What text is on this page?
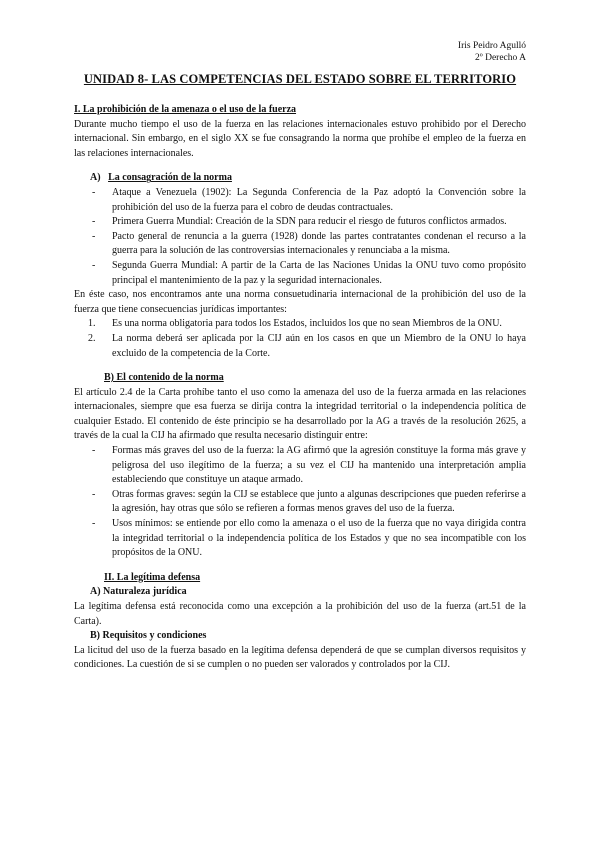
Iris Peidro Agulló
2º Derecho A
UNIDAD 8- LAS COMPETENCIAS DEL ESTADO SOBRE EL TERRITORIO

I. La prohibición de la amenaza o el uso de la fuerza

Durante mucho tiempo el uso de la fuerza en las relaciones internacionales estuvo prohibido por el Derecho internacional. Sin embargo, en el siglo XX se fue consagrando la norma que prohíbe el empleo de la fuerza en las relaciones internacionales.

A) La consagración de la norma

- Ataque a Venezuela (1902): La Segunda Conferencia de la Paz adoptó la Convención sobre la prohibición del uso de la fuerza para el cobro de deudas contractuales.
- Primera Guerra Mundial: Creación de la SDN para reducir el riesgo de futuros conflictos armados.
- Pacto general de renuncia a la guerra (1928) donde las partes contratantes condenan el recurso a la guerra para la solución de las controversias internacionales y renunciaba a la misma.
- Segunda Guerra Mundial: A partir de la Carta de las Naciones Unidas la ONU tuvo como propósito principal el mantenimiento de la paz y la seguridad internacionales.

En éste caso, nos encontramos ante una norma consuetudinaria internacional de la prohibición del uso de la fuerza que tiene consecuencias jurídicas importantes:

1. Es una norma obligatoria para todos los Estados, incluidos los que no sean Miembros de la ONU.
2. La norma deberá ser aplicada por la CIJ aún en los casos en que un Miembro de la ONU lo haya excluido de la competencia de la Corte.

B) El contenido de la norma

El artículo 2.4 de la Carta prohíbe tanto el uso como la amenaza del uso de la fuerza armada en las relaciones internacionales, siempre que esa fuerza se dirija contra la integridad territorial o la independencia política de cualquier Estado. El contenido de éste principio se ha desarrollado por la AG a través de la resolución 2625, a través de la cual la CIJ ha afirmado que resulta necesario distinguir entre:

- Formas más graves del uso de la fuerza: la AG afirmó que la agresión constituye la forma más grave y peligrosa del uso ilegítimo de la fuerza; a su vez el CIJ ha mantenido una interpretación amplia estableciendo que constituye un ataque armado.
- Otras formas graves: según la CIJ se establece que junto a algunas descripciones que pueden referirse a la agresión, hay otras que sólo se refieren a formas menos graves del uso de la fuerza.
- Usos mínimos: se entiende por ello como la amenaza o el uso de la fuerza que no vaya dirigida contra la integridad territorial o la independencia política de los Estados y que no sea incompatible con los propósitos de la ONU.

II. La legítima defensa

A) Naturaleza jurídica

La legítima defensa está reconocida como una excepción a la prohibición del uso de la fuerza (art.51 de la Carta).

B) Requisitos y condiciones

La licitud del uso de la fuerza basado en la legítima defensa dependerá de que se cumplan diversos requisitos y condiciones. La cuestión de si se cumplen o no pueden ser valorados y controlados por la CIJ.
